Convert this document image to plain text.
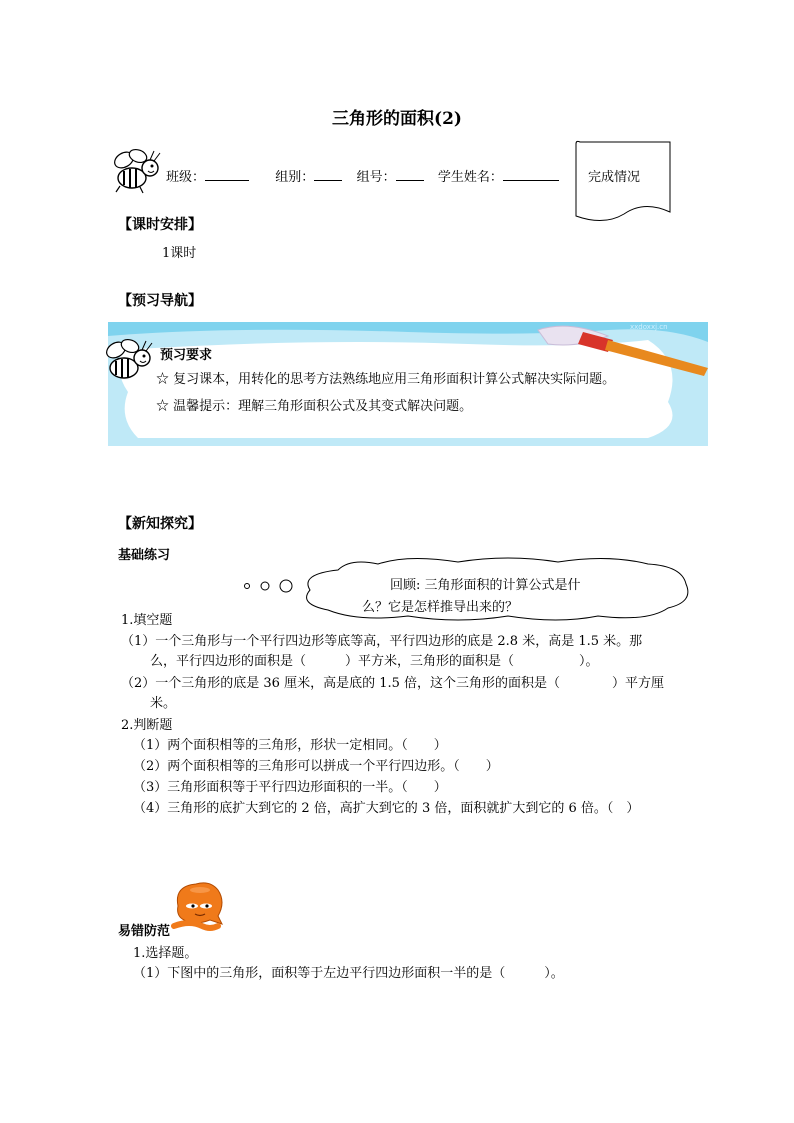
三角形的面积(2)
班级：	组别：	组号：	学生姓名：	完成情况
【课时安排】
1课时
【预习导航】
xxdoxxj.cn
预习要求
☆ 复习课本，用转化的思考方法熟练地应用三角形面积计算公式解决实际问题。
☆ 温馨提示：理解三角形面积公式及其变式解决问题。
【新知探究】
基础练习
回顾: 三角形面积的计算公式是什
么？它是怎样推导出来的？
1.填空题
（1）一个三角形与一个平行四边形等底等高，平行四边形的底是 2.8 米，高是 1.5 米。那
么，平行四边形的面积是（　　　）平方米，三角形的面积是（　　　　　）。
（2）一个三角形的底是 36 厘米，高是底的 1.5 倍，这个三角形的面积是（　　　　）平方厘
米。
2.判断题
（1）两个面积相等的三角形，形状一定相同。（　　）
（2）两个面积相等的三角形可以拼成一个平行四边形。（　　）
（3）三角形面积等于平行四边形面积的一半。（　　）
（4）三角形的底扩大到它的 2 倍，高扩大到它的 3 倍，面积就扩大到它的 6 倍。（　）
易错防范
1.选择题。
（1）下图中的三角形，面积等于左边平行四边形面积一半的是（　　　）。
